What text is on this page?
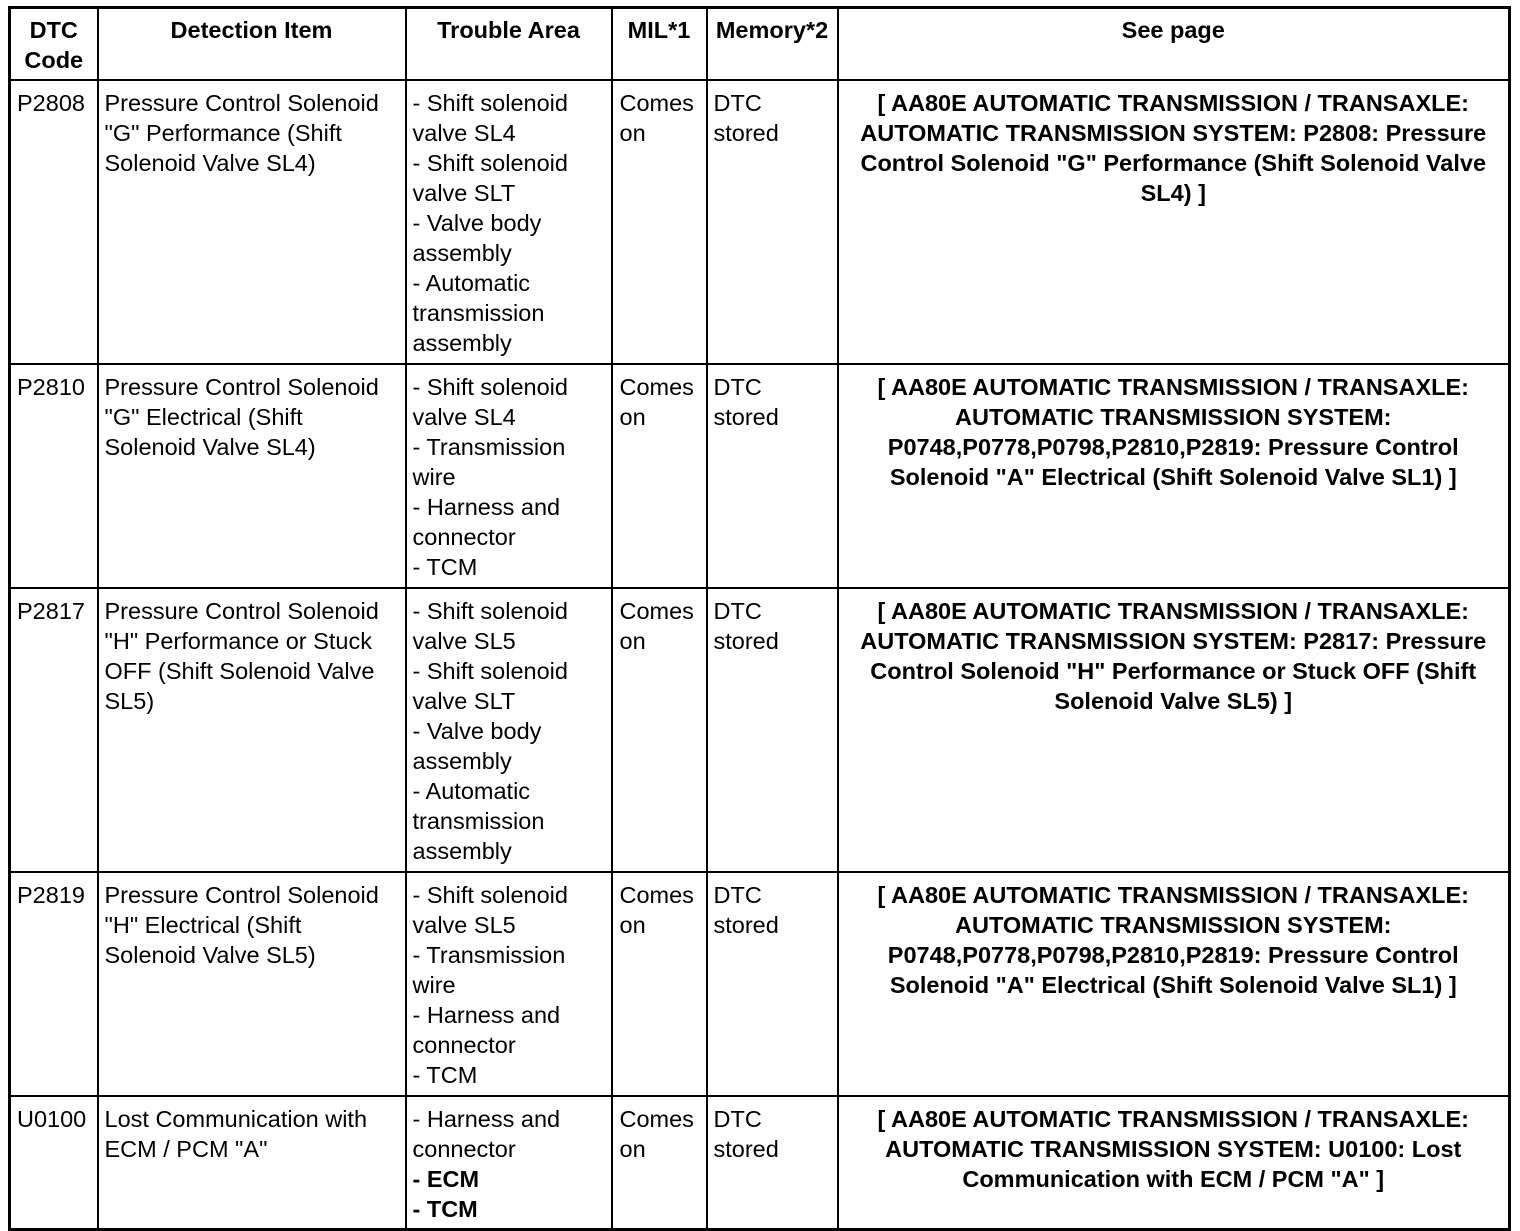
DTC Code	Detection Item	Trouble Area	MIL*1	Memory*2	See page
P2808	Pressure Control Solenoid "G" Performance (Shift Solenoid Valve SL4)	- Shift solenoid valve SL4
- Shift solenoid valve SLT
- Valve body assembly
- Automatic transmission assembly	Comes on	DTC stored	[ AA80E AUTOMATIC TRANSMISSION / TRANSAXLE: AUTOMATIC TRANSMISSION SYSTEM: P2808: Pressure Control Solenoid "G" Performance (Shift Solenoid Valve SL4) ]
P2810	Pressure Control Solenoid "G" Electrical (Shift Solenoid Valve SL4)	- Shift solenoid valve SL4
- Transmission wire
- Harness and connector
- TCM	Comes on	DTC stored	[ AA80E AUTOMATIC TRANSMISSION / TRANSAXLE: AUTOMATIC TRANSMISSION SYSTEM: P0748,P0778,P0798,P2810,P2819: Pressure Control Solenoid "A" Electrical (Shift Solenoid Valve SL1) ]
P2817	Pressure Control Solenoid "H" Performance or Stuck OFF (Shift Solenoid Valve SL5)	- Shift solenoid valve SL5
- Shift solenoid valve SLT
- Valve body assembly
- Automatic transmission assembly	Comes on	DTC stored	[ AA80E AUTOMATIC TRANSMISSION / TRANSAXLE: AUTOMATIC TRANSMISSION SYSTEM: P2817: Pressure Control Solenoid "H" Performance or Stuck OFF (Shift Solenoid Valve SL5) ]
P2819	Pressure Control Solenoid "H" Electrical (Shift Solenoid Valve SL5)	- Shift solenoid valve SL5
- Transmission wire
- Harness and connector
- TCM	Comes on	DTC stored	[ AA80E AUTOMATIC TRANSMISSION / TRANSAXLE: AUTOMATIC TRANSMISSION SYSTEM: P0748,P0778,P0798,P2810,P2819: Pressure Control Solenoid "A" Electrical (Shift Solenoid Valve SL1) ]
U0100	Lost Communication with ECM / PCM "A"	- Harness and connector
- ECM
- TCM	Comes on	DTC stored	[ AA80E AUTOMATIC TRANSMISSION / TRANSAXLE: AUTOMATIC TRANSMISSION SYSTEM: U0100: Lost Communication with ECM / PCM "A" ]
